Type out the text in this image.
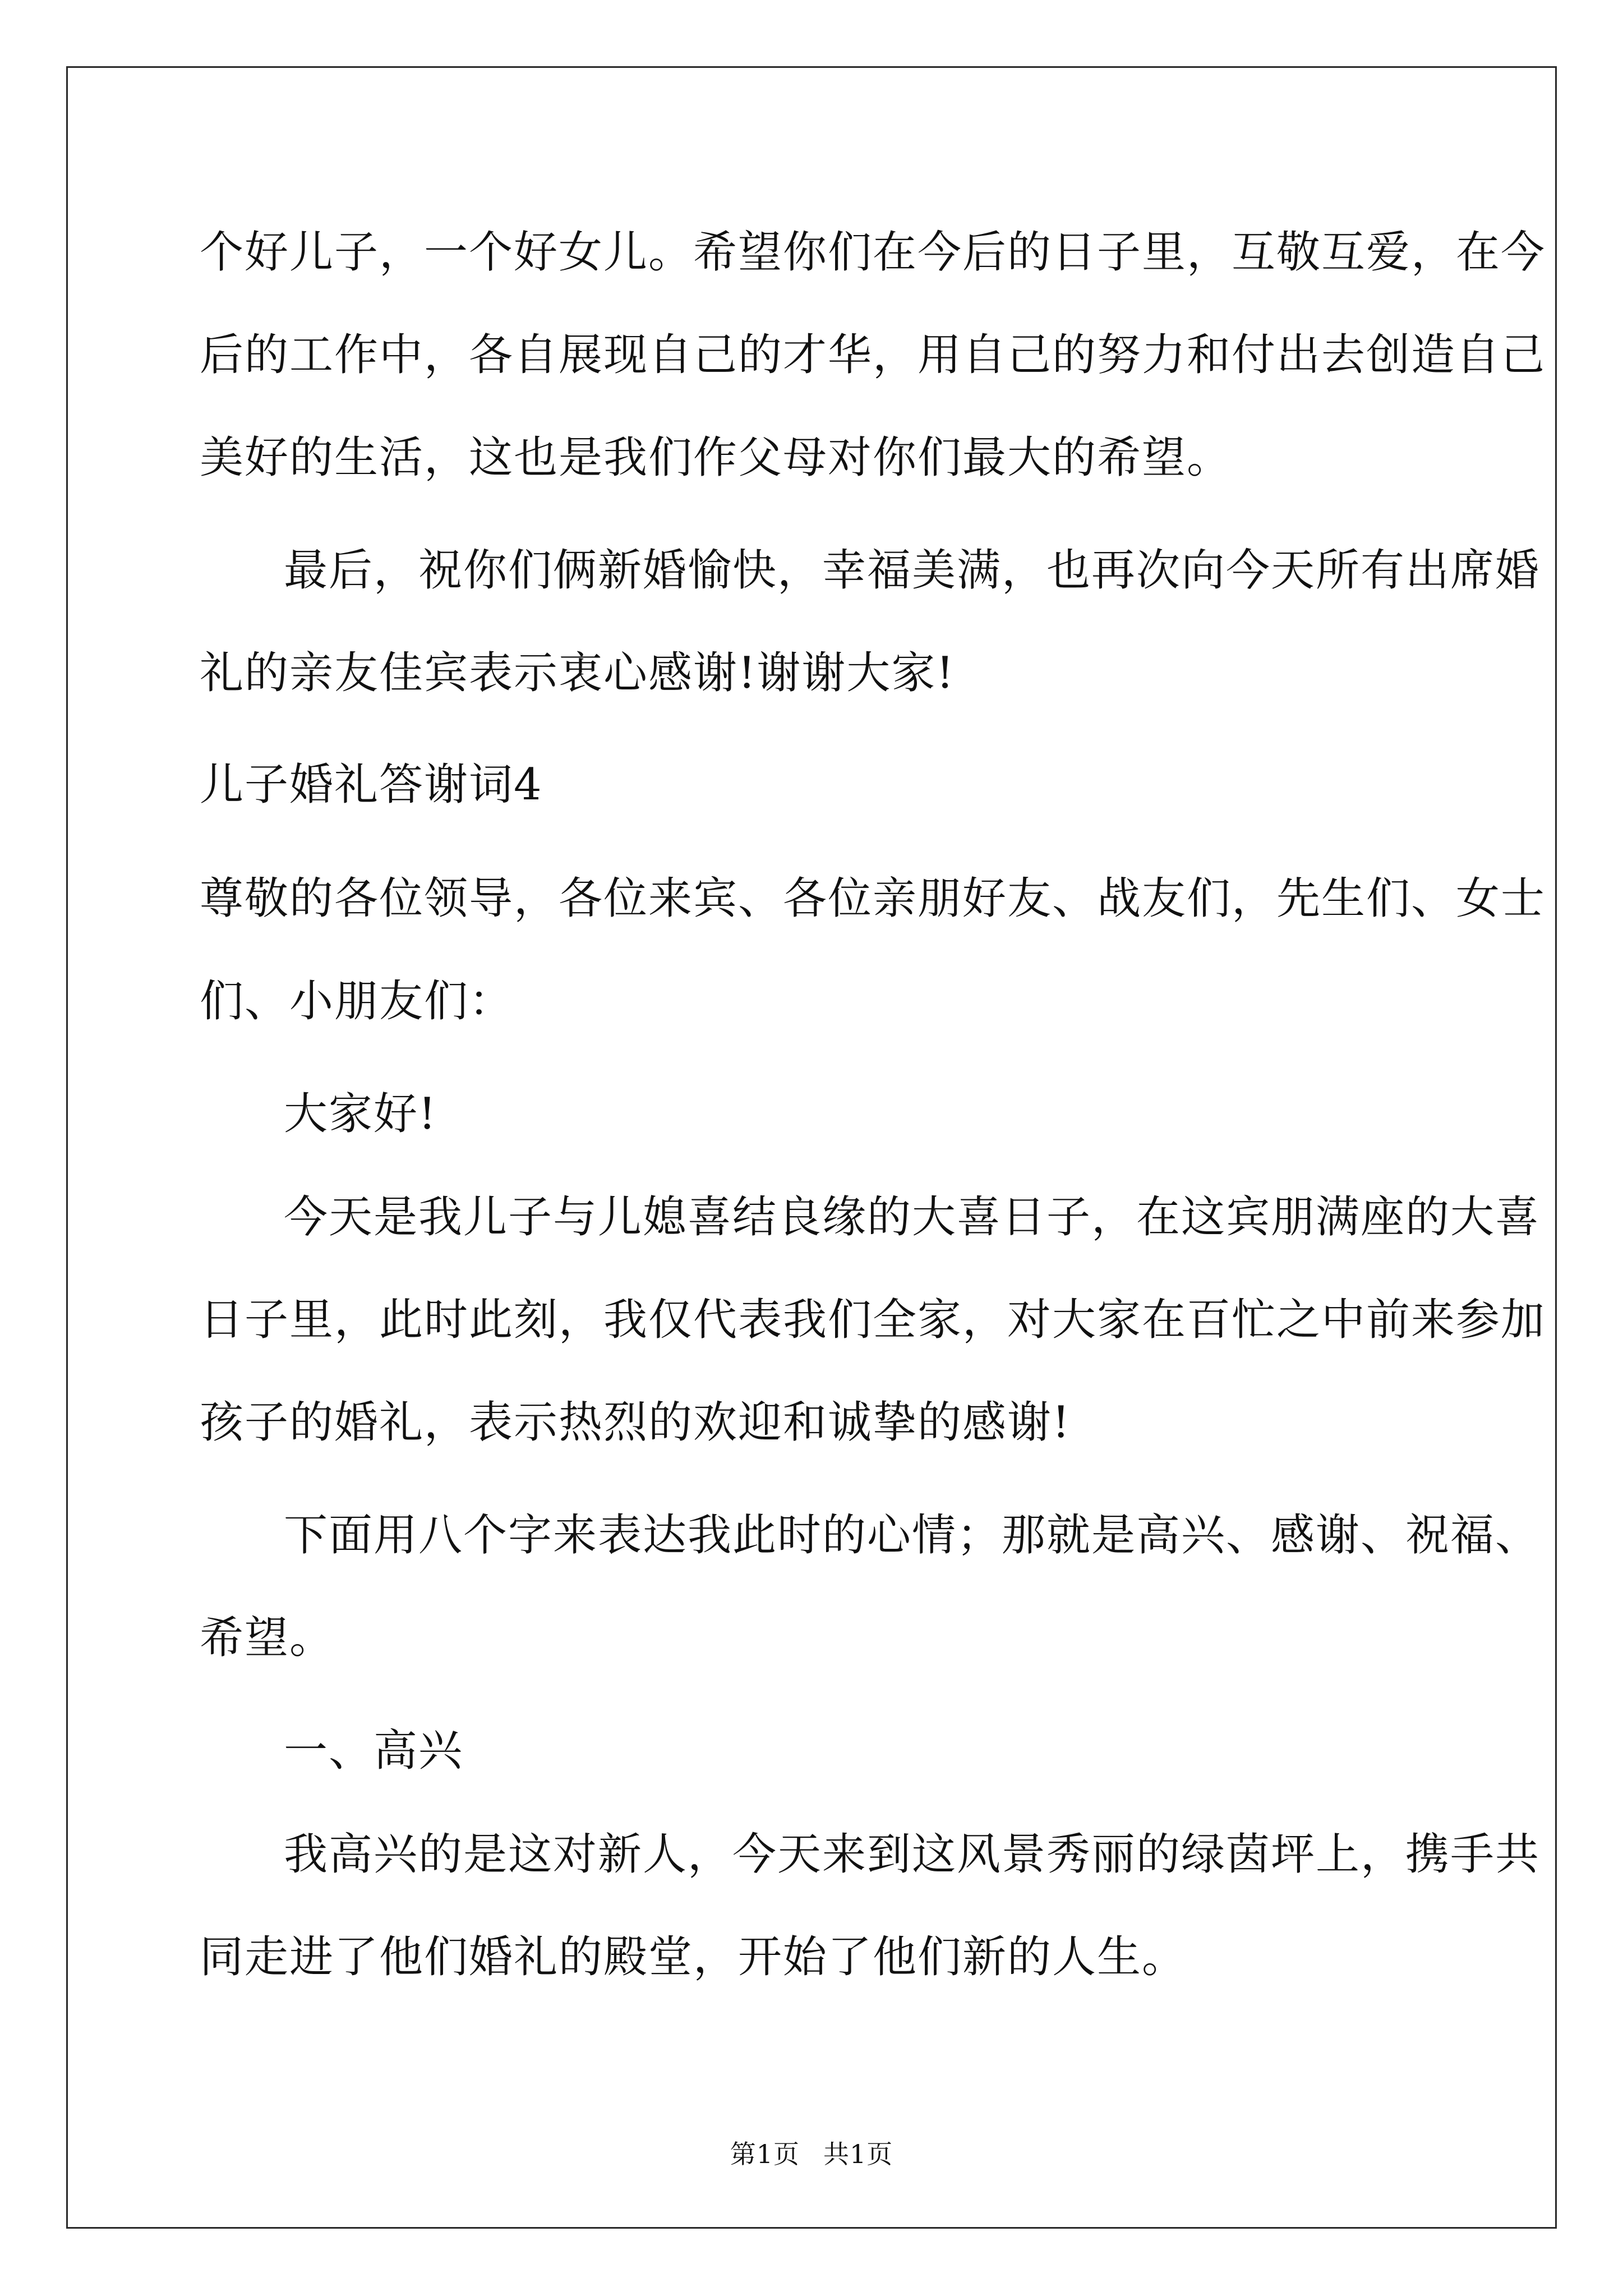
个好儿子，一个好女儿。希望你们在今后的日子里，互敬互爱，在今
后的工作中，各自展现自己的才华，用自己的努力和付出去创造自己
美好的生活，这也是我们作父母对你们最大的希望。
最后，祝你们俩新婚愉快，幸福美满，也再次向今天所有出席婚
礼的亲友佳宾表示衷心感谢!谢谢大家!
儿子婚礼答谢词4
尊敬的各位领导，各位来宾、各位亲朋好友、战友们，先生们、女士
们、小朋友们：
大家好!
今天是我儿子与儿媳喜结良缘的大喜日子，在这宾朋满座的大喜
日子里，此时此刻，我仅代表我们全家，对大家在百忙之中前来参加
孩子的婚礼，表示热烈的欢迎和诚挚的感谢!
下面用八个字来表达我此时的心情；那就是高兴、感谢、祝福、
希望。
一、高兴
我高兴的是这对新人，今天来到这风景秀丽的绿茵坪上，携手共
同走进了他们婚礼的殿堂，开始了他们新的人生。
第1页 共1页
